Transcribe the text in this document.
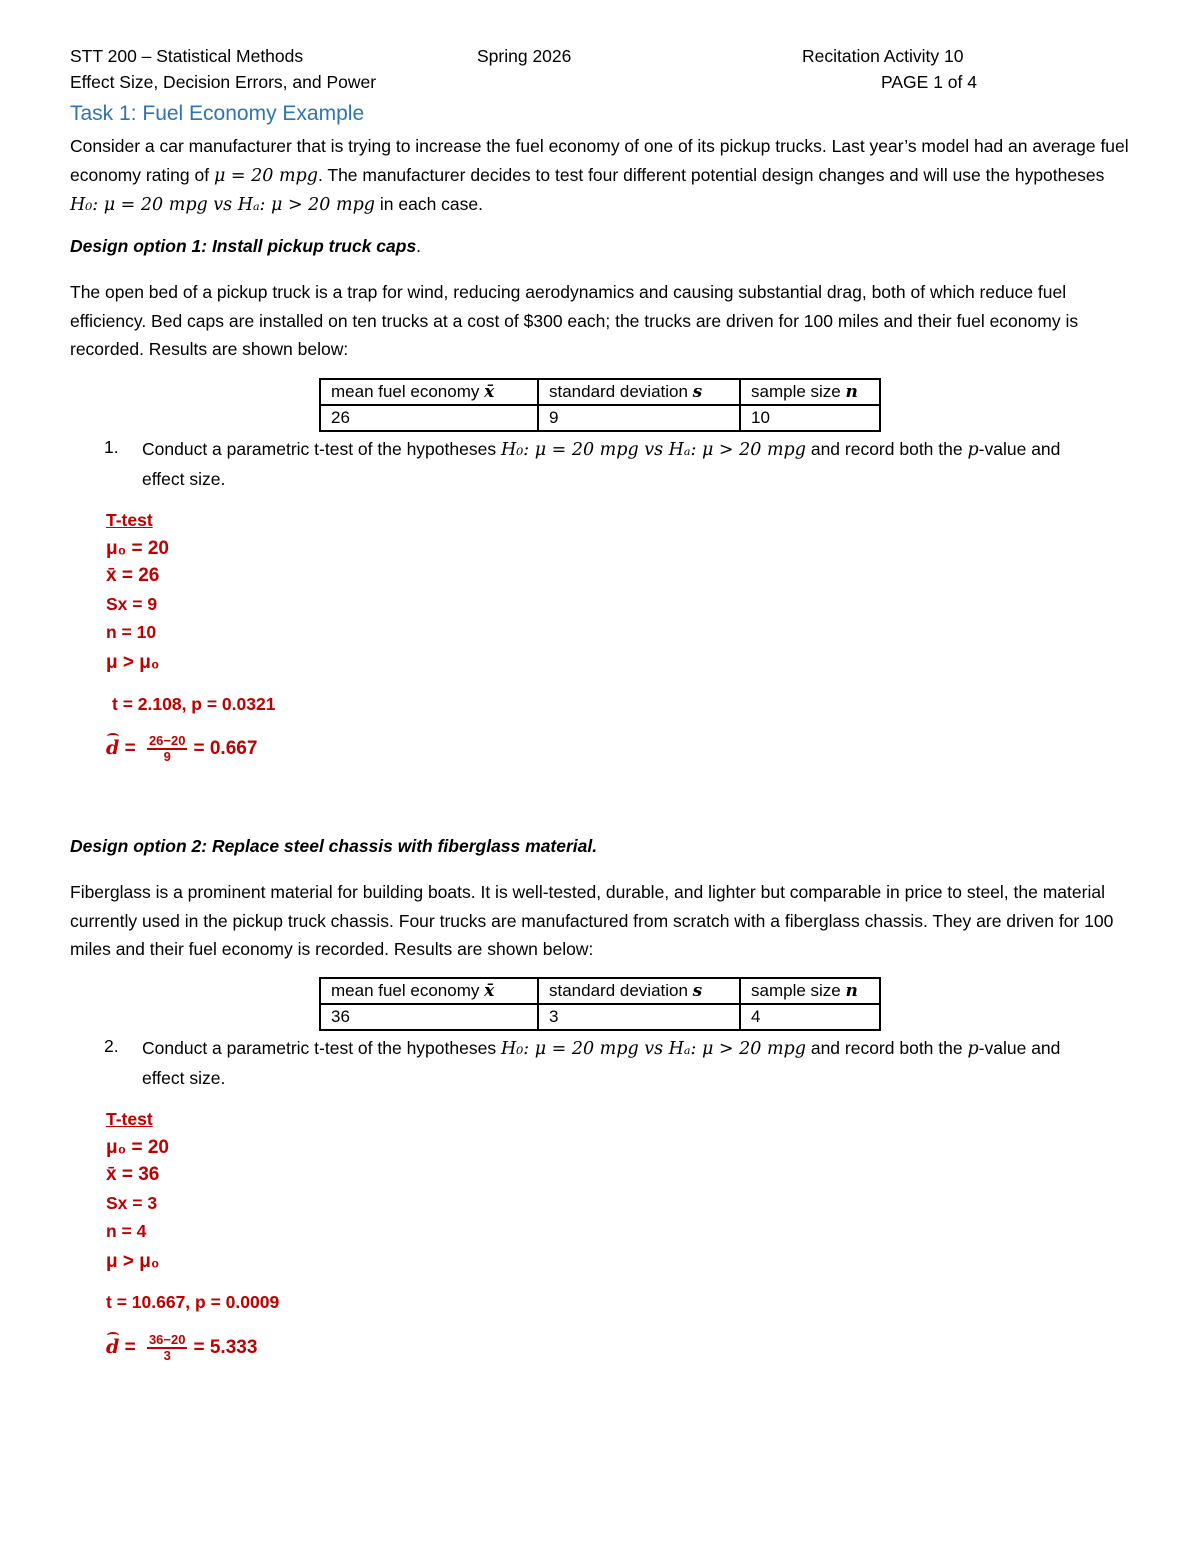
STT 200 – Statistical Methods	Spring 2026	Recitation Activity 10
Effect Size, Decision Errors, and Power	PAGE 1 of 4
Task 1: Fuel Economy Example
Consider a car manufacturer that is trying to increase the fuel economy of one of its pickup trucks. Last year’s model had an average fuel economy rating of μ = 20 mpg. The manufacturer decides to test four different potential design changes and will use the hypotheses H₀: μ = 20 mpg vs Hₐ: μ > 20 mpg in each case.
Design option 1: Install pickup truck caps.
The open bed of a pickup truck is a trap for wind, reducing aerodynamics and causing substantial drag, both of which reduce fuel efficiency. Bed caps are installed on ten trucks at a cost of $300 each; the trucks are driven for 100 miles and their fuel economy is recorded. Results are shown below:
mean fuel economy x̄	standard deviation s	sample size n
26	9	10
1. Conduct a parametric t-test of the hypotheses H₀: μ = 20 mpg vs Hₐ: μ > 20 mpg and record both the p-value and effect size.
T-test
μ₀ = 20
x̄ = 26
Sx = 9
n = 10
μ > μ₀
t = 2.108, p = 0.0321
$d = \frac{26-20}{9} = 0.667$
Design option 2: Replace steel chassis with fiberglass material.
Fiberglass is a prominent material for building boats. It is well-tested, durable, and lighter but comparable in price to steel, the material currently used in the pickup truck chassis. Four trucks are manufactured from scratch with a fiberglass chassis. They are driven for 100 miles and their fuel economy is recorded. Results are shown below:
mean fuel economy x̄	standard deviation s	sample size n
36	3	4
2. Conduct a parametric t-test of the hypotheses H₀: μ = 20 mpg vs Hₐ: μ > 20 mpg and record both the p-value and effect size.
T-test
μ₀ = 20
x̄ = 36
Sx = 3
n = 4
μ > μ₀
t = 10.667, p = 0.0009
$d = \frac{36-20}{3} = 5.333$
